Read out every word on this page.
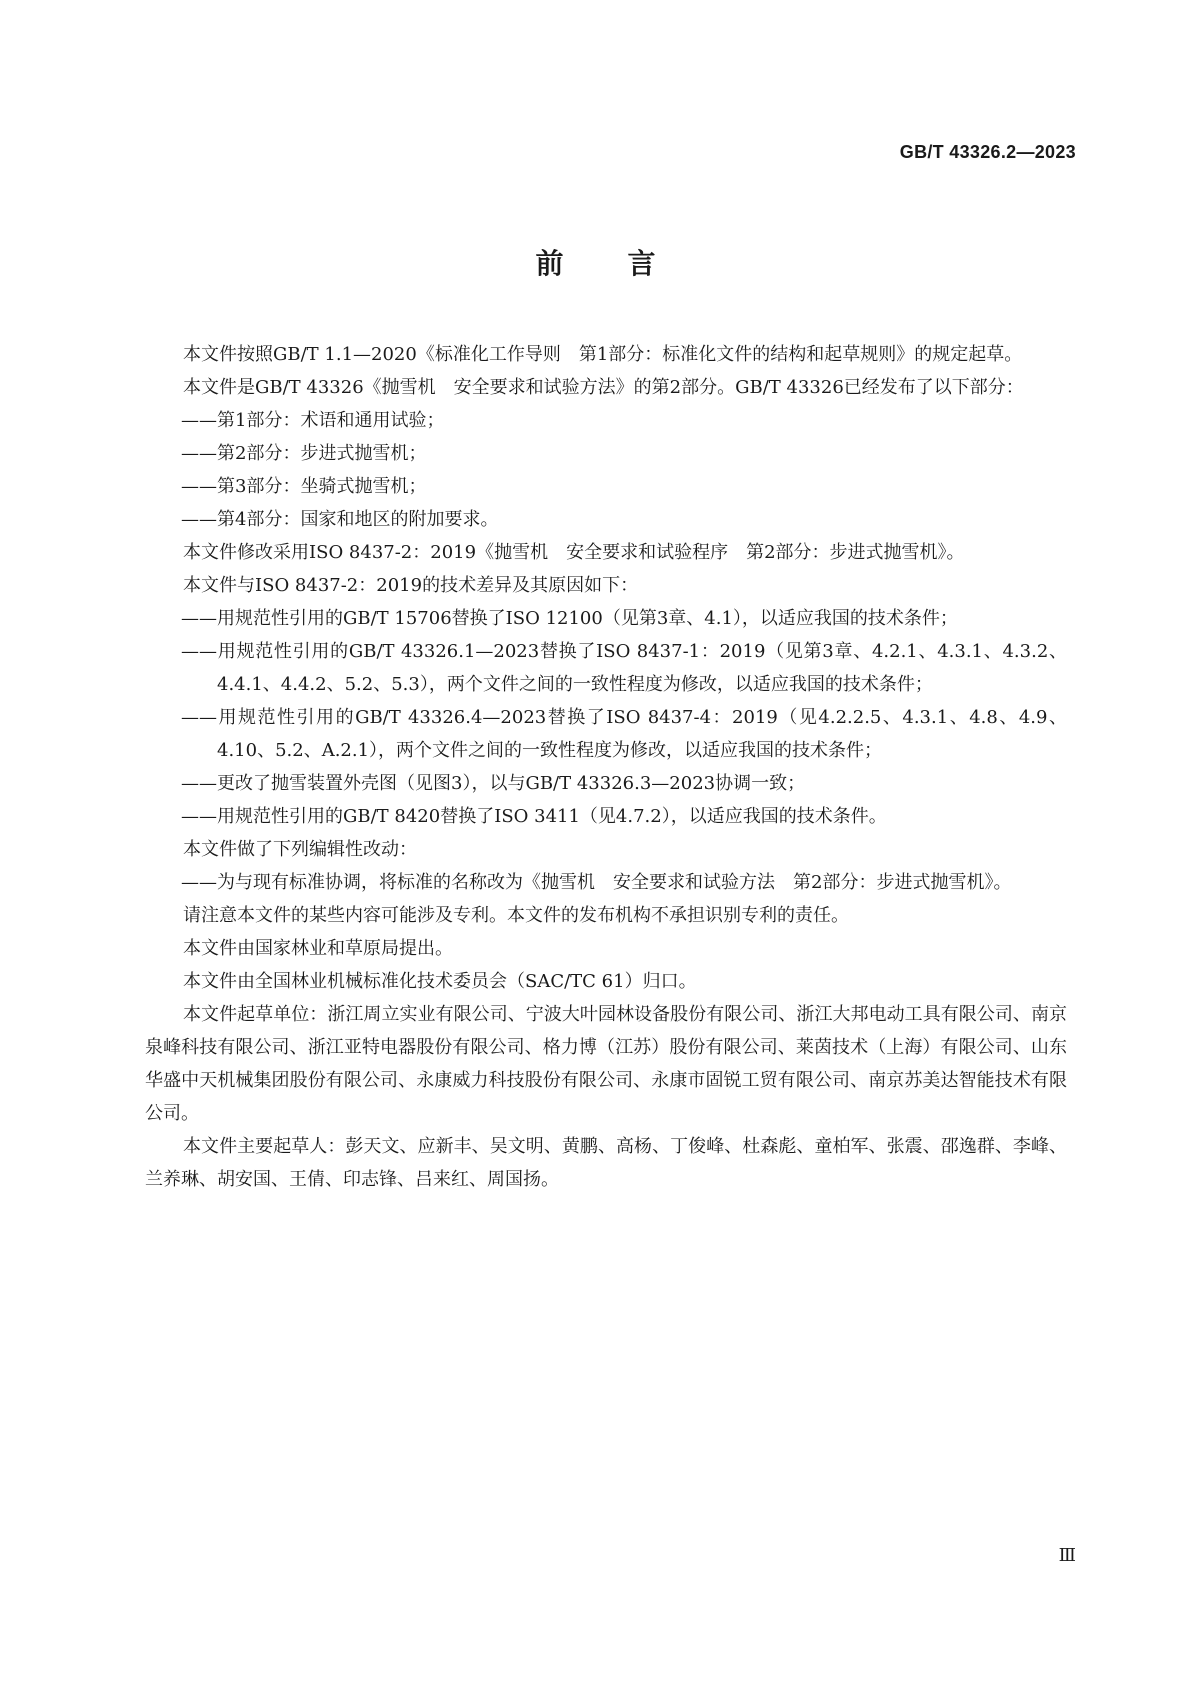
GB/T 43326.2—2023
前言

本文件按照GB/T 1.1—2020《标准化工作导则　第1部分：标准化文件的结构和起草规则》的规定起草。

本文件是GB/T 43326《抛雪机　安全要求和试验方法》的第2部分。GB/T 43326已经发布了以下部分：

——第1部分：术语和通用试验；

——第2部分：步进式抛雪机；

——第3部分：坐骑式抛雪机；

——第4部分：国家和地区的附加要求。

本文件修改采用ISO 8437-2：2019《抛雪机　安全要求和试验程序　第2部分：步进式抛雪机》。

本文件与ISO 8437-2：2019的技术差异及其原因如下：

——用规范性引用的GB/T 15706替换了ISO 12100（见第3章、4.1），以适应我国的技术条件；

——用规范性引用的GB/T 43326.1—2023替换了ISO 8437-1：2019（见第3章、4.2.1、4.3.1、4.3.2、4.4.1、4.4.2、5.2、5.3），两个文件之间的一致性程度为修改，以适应我国的技术条件；

——用规范性引用的GB/T 43326.4—2023替换了ISO 8437-4：2019（见4.2.2.5、4.3.1、4.8、4.9、4.10、5.2、A.2.1），两个文件之间的一致性程度为修改，以适应我国的技术条件；

——更改了抛雪装置外壳图（见图3），以与GB/T 43326.3—2023协调一致；

——用规范性引用的GB/T 8420替换了ISO 3411（见4.7.2），以适应我国的技术条件。

本文件做了下列编辑性改动：

——为与现有标准协调，将标准的名称改为《抛雪机　安全要求和试验方法　第2部分：步进式抛雪机》。

请注意本文件的某些内容可能涉及专利。本文件的发布机构不承担识别专利的责任。

本文件由国家林业和草原局提出。

本文件由全国林业机械标准化技术委员会（SAC/TC 61）归口。

本文件起草单位：浙江周立实业有限公司、宁波大叶园林设备股份有限公司、浙江大邦电动工具有限公司、南京泉峰科技有限公司、浙江亚特电器股份有限公司、格力博（江苏）股份有限公司、莱茵技术（上海）有限公司、山东华盛中天机械集团股份有限公司、永康威力科技股份有限公司、永康市固锐工贸有限公司、南京苏美达智能技术有限公司。

本文件主要起草人：彭天文、应新丰、吴文明、黄鹏、高杨、丁俊峰、杜森彪、童柏军、张震、邵逸群、李峰、兰养琳、胡安国、王倩、印志锋、吕来红、周国扬。

Ⅲ
